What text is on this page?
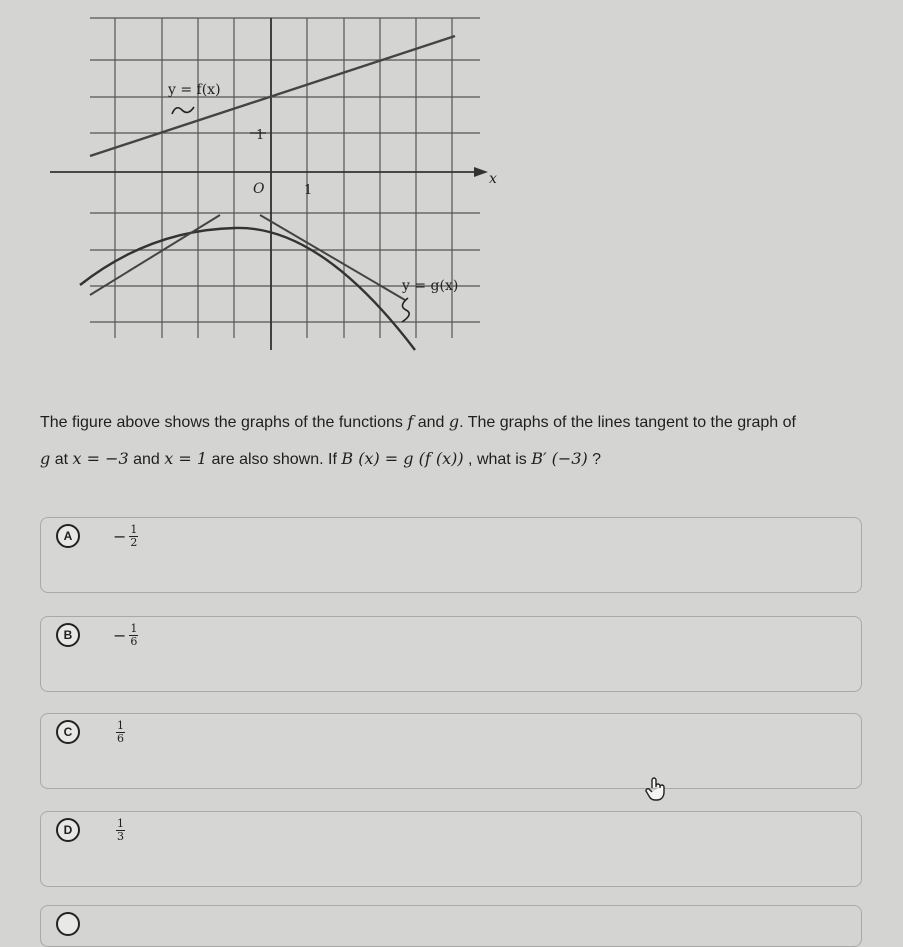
y = f(x)
y = g(x)
O
x
1
1
The figure above shows the graphs of the functions f and g. The graphs of the lines tangent to the graph of
g at x = −3 and x = 1 are also shown. If B (x) = g (f (x)) , what is B′ (−3) ?
A	− $\frac{1}{2}$
B	− $\frac{1}{6}$
C	$\frac{1}{6}$
D	$\frac{1}{3}$
